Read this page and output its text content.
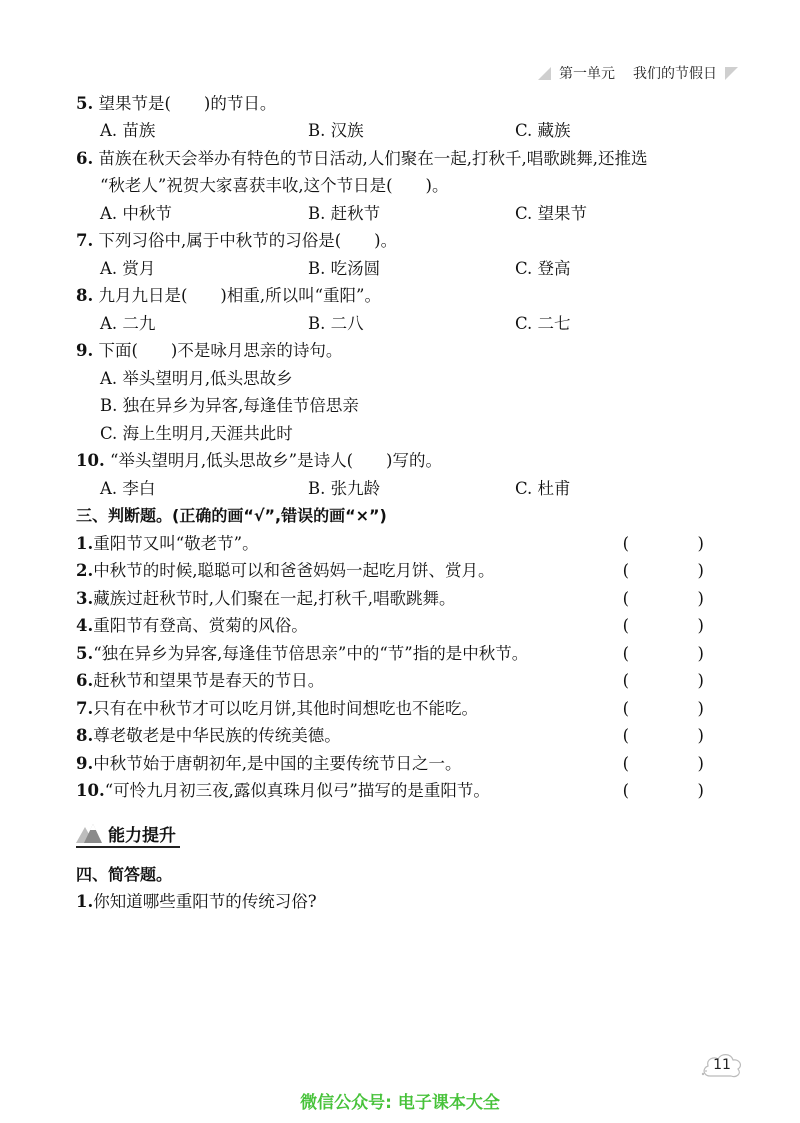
第一单元 我们的节假日
5. 望果节是(　　)的节日。
A. 苗族	B. 汉族	C. 藏族
6. 苗族在秋天会举办有特色的节日活动,人们聚在一起,打秋千,唱歌跳舞,还推选
“秋老人”祝贺大家喜获丰收,这个节日是(　　)。
A. 中秋节	B. 赶秋节	C. 望果节
7. 下列习俗中,属于中秋节的习俗是(　　)。
A. 赏月	B. 吃汤圆	C. 登高
8. 九月九日是(　　)相重,所以叫“重阳”。
A. 二九	B. 二八	C. 二七
9. 下面(　　)不是咏月思亲的诗句。
A. 举头望明月,低头思故乡
B. 独在异乡为异客,每逢佳节倍思亲
C. 海上生明月,天涯共此时
10. “举头望明月,低头思故乡”是诗人(　　)写的。
A. 李白	B. 张九龄	C. 杜甫
三、判断题。(正确的画“√”,错误的画“×”)
1.重阳节又叫“敬老节”。	(　)
2.中秋节的时候,聪聪可以和爸爸妈妈一起吃月饼、赏月。	(　)
3.藏族过赶秋节时,人们聚在一起,打秋千,唱歌跳舞。	(　)
4.重阳节有登高、赏菊的风俗。	(　)
5.“独在异乡为异客,每逢佳节倍思亲”中的“节”指的是中秋节。	(　)
6.赶秋节和望果节是春天的节日。	(　)
7.只有在中秋节才可以吃月饼,其他时间想吃也不能吃。	(　)
8.尊老敬老是中华民族的传统美德。	(　)
9.中秋节始于唐朝初年,是中国的主要传统节日之一。	(　)
10.“可怜九月初三夜,露似真珠月似弓”描写的是重阳节。	(　)
能力提升
四、简答题。
1.你知道哪些重阳节的传统习俗?
11
微信公众号: 电子课本大全
